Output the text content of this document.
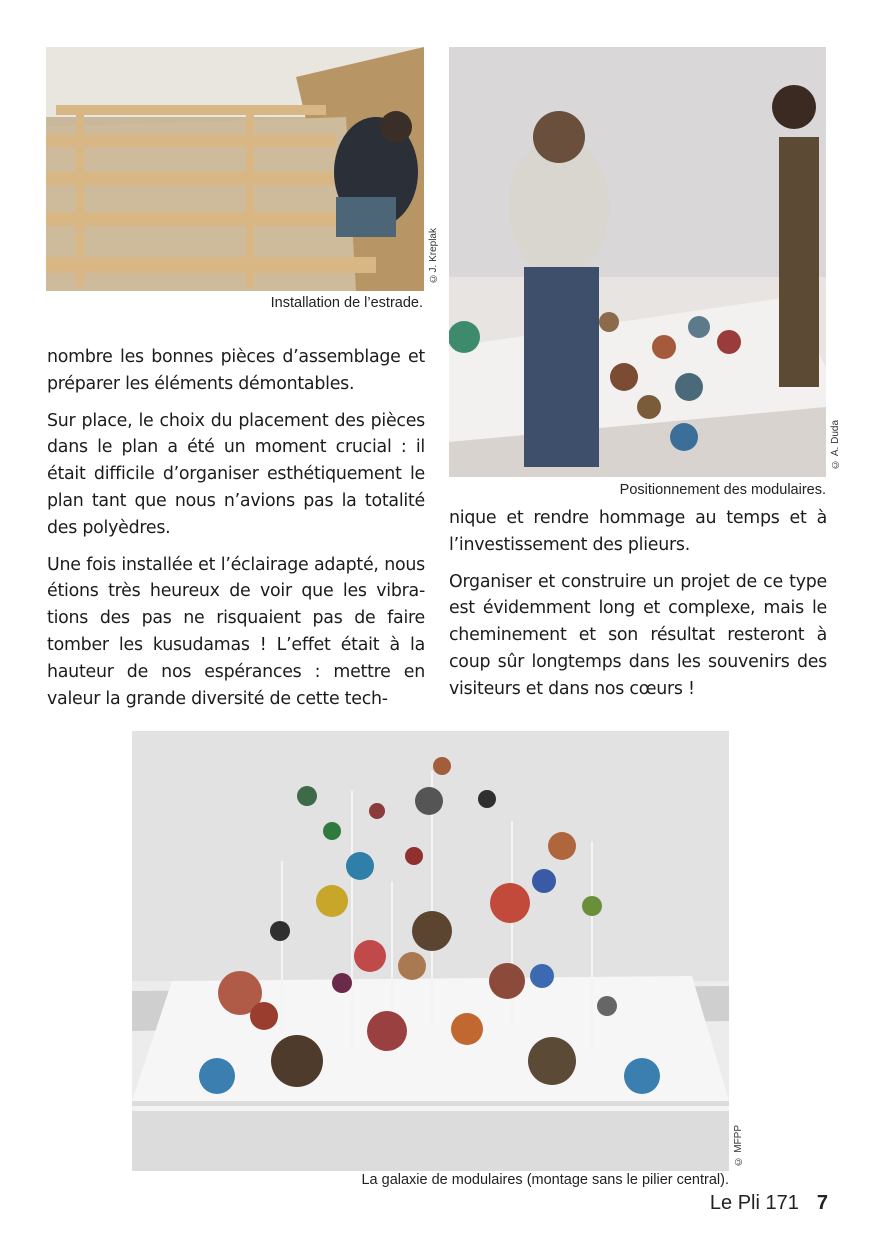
©J. Kreplak
Installation de l’estrade.
© A. Duda
Positionnement des modulaires.

nombre les bonnes pièces d’assemblage et préparer les éléments démontables.

Sur place, le choix du placement des pièces dans le plan a été un moment crucial : il était difficile d’organiser esthétiquement le plan tant que nous n’avions pas la totalité des polyèdres.

Une fois installée et l’éclairage adapté, nous étions très heureux de voir que les vibra- tions des pas ne risquaient pas de faire tomber les kusudamas ! L’effet était à la hauteur de nos espérances : mettre en valeur la grande diversité de cette tech-

nique et rendre hommage au temps et à l’investissement des plieurs.

Organiser et construire un projet de ce type est évidemment long et complexe, mais le cheminement et son résultat resteront à coup sûr longtemps dans les souvenirs des visiteurs et dans nos cœurs !

© MFPP
La galaxie de modulaires (montage sans le pilier central).
Le Pli 171 7
